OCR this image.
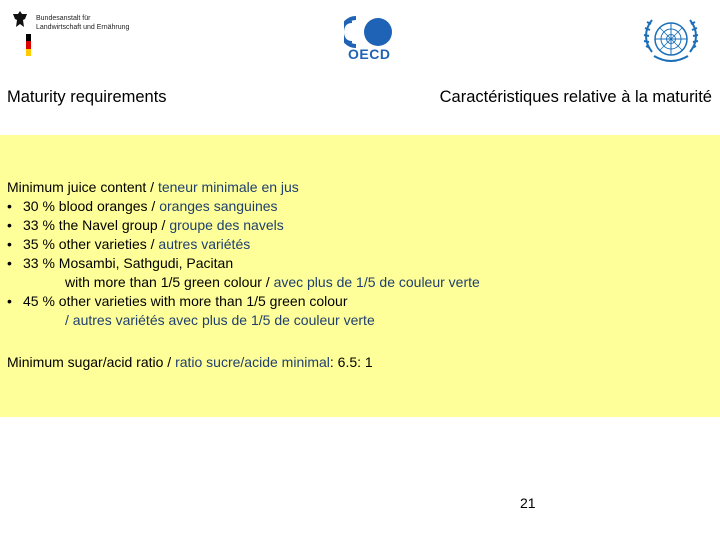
Bundesanstalt für
Landwirtschaft und Ernährung
OECD
Maturity requirements	Caractéristiques relative à la maturité
Minimum juice content / teneur minimale en jus
• 30 % blood oranges / oranges sanguines
• 33 % the Navel group / groupe des navels
• 35 % other varieties / autres variétés
• 33 % Mosambi, Sathgudi, Pacitan
with more than 1/5 green colour / avec plus de 1/5 de couleur verte
• 45 % other varieties with more than 1/5 green colour
/ autres variétés avec plus de 1/5 de couleur verte
Minimum sugar/acid ratio / ratio sucre/acide minimal: 6.5: 1
21
